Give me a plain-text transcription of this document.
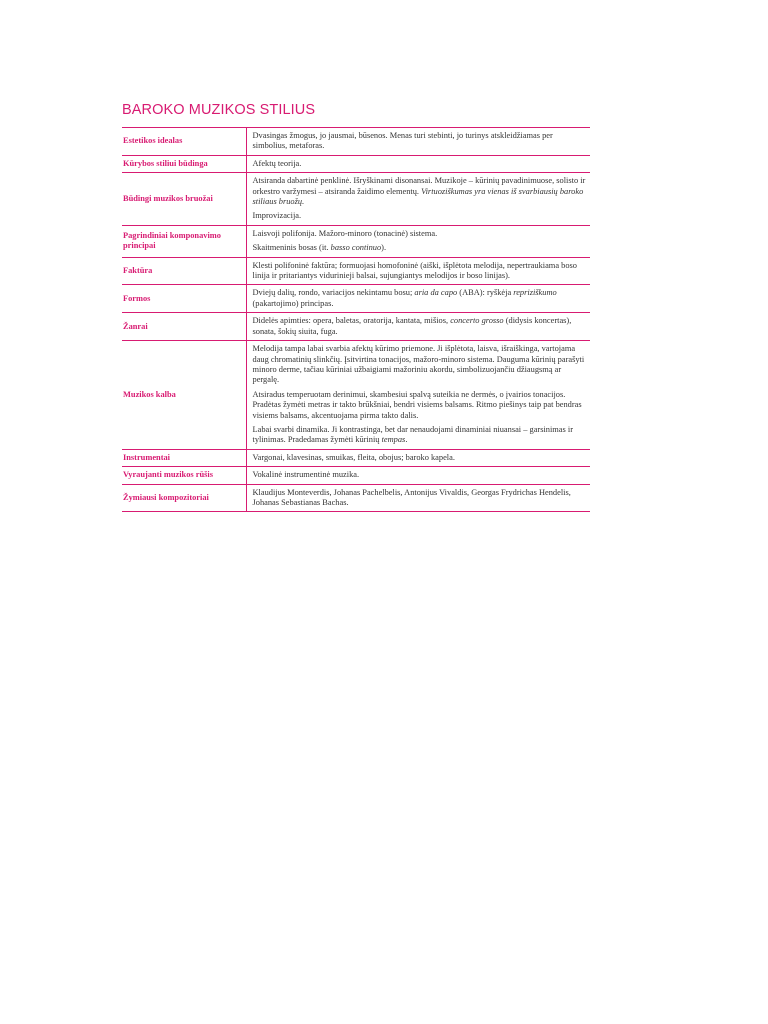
BAROKO MUZIKOS STILIUS
Estetikos idealas	Dvasingas žmogus, jo jausmai, būsenos. Menas turi stebinti, jo turinys atskleidžiamas per simbolius, metaforas.

Kūrybos stiliui būdinga	Afektų teorija.

Būdingi muzikos bruožai	Atsiranda dabartinė penklinė. Išryškinami disonansai. Muzikoje – kūrinių pavadinimuose, solisto ir orkestro varžymesi – atsiranda žaidimo elementų. Virtuoziškumas yra vienas iš svarbiausių baroko stiliaus bruožų.

Improvizacija.

Pagrindiniai komponavimo principai	Laisvoji polifonija. Mažoro-minoro (tonacinė) sistema.

Skaitmeninis bosas (it. basso continuo).

Faktūra	Klesti polifoninė faktūra; formuojasi homofoninė (aiški, išplėtota melodija, nepertraukiama boso linija ir pritariantys vidurinieji balsai, sujungiantys melodijos ir boso linijas).

Formos	Dviejų dalių, rondo, variacijos nekintamu bosu; aria da capo (ABA): ryškėja repriziškumo (pakartojimo) principas.

Žanrai	Didelės apimties: opera, baletas, oratorija, kantata, mišios, concerto grosso (didysis koncertas), sonata, šokių siuita, fuga.

Muzikos kalba	Melodija tampa labai svarbia afektų kūrimo priemone. Ji išplėtota, laisva, išraiškinga, vartojama daug chromatinių slinkčių. Įsitvirtina tonacijos, mažoro-minoro sistema. Dauguma kūrinių parašyti minoro derme, tačiau kūriniai užbaigiami mažoriniu akordu, simbolizuojančiu džiaugsmą ar pergalę.

Atsiradus temperuotam derinimui, skambesiui spalvą suteikia ne dermės, o įvairios tonacijos. Pradėtas žymėti metras ir takto brūkšniai, bendri visiems balsams. Ritmo piešinys taip pat bendras visiems balsams, akcentuojama pirma takto dalis.

Labai svarbi dinamika. Ji kontrastinga, bet dar nenaudojami dinaminiai niuansai – garsinimas ir tylinimas. Pradedamas žymėti kūrinių tempas.

Instrumentai	Vargonai, klavesinas, smuikas, fleita, obojus; baroko kapela.

Vyraujanti muzikos rūšis	Vokalinė instrumentinė muzika.

Žymiausi kompozitoriai	Klaudijus Monteverdis, Johanas Pachelbelis, Antonijus Vivaldis, Georgas Frydrichas Hendelis, Johanas Sebastianas Bachas.
